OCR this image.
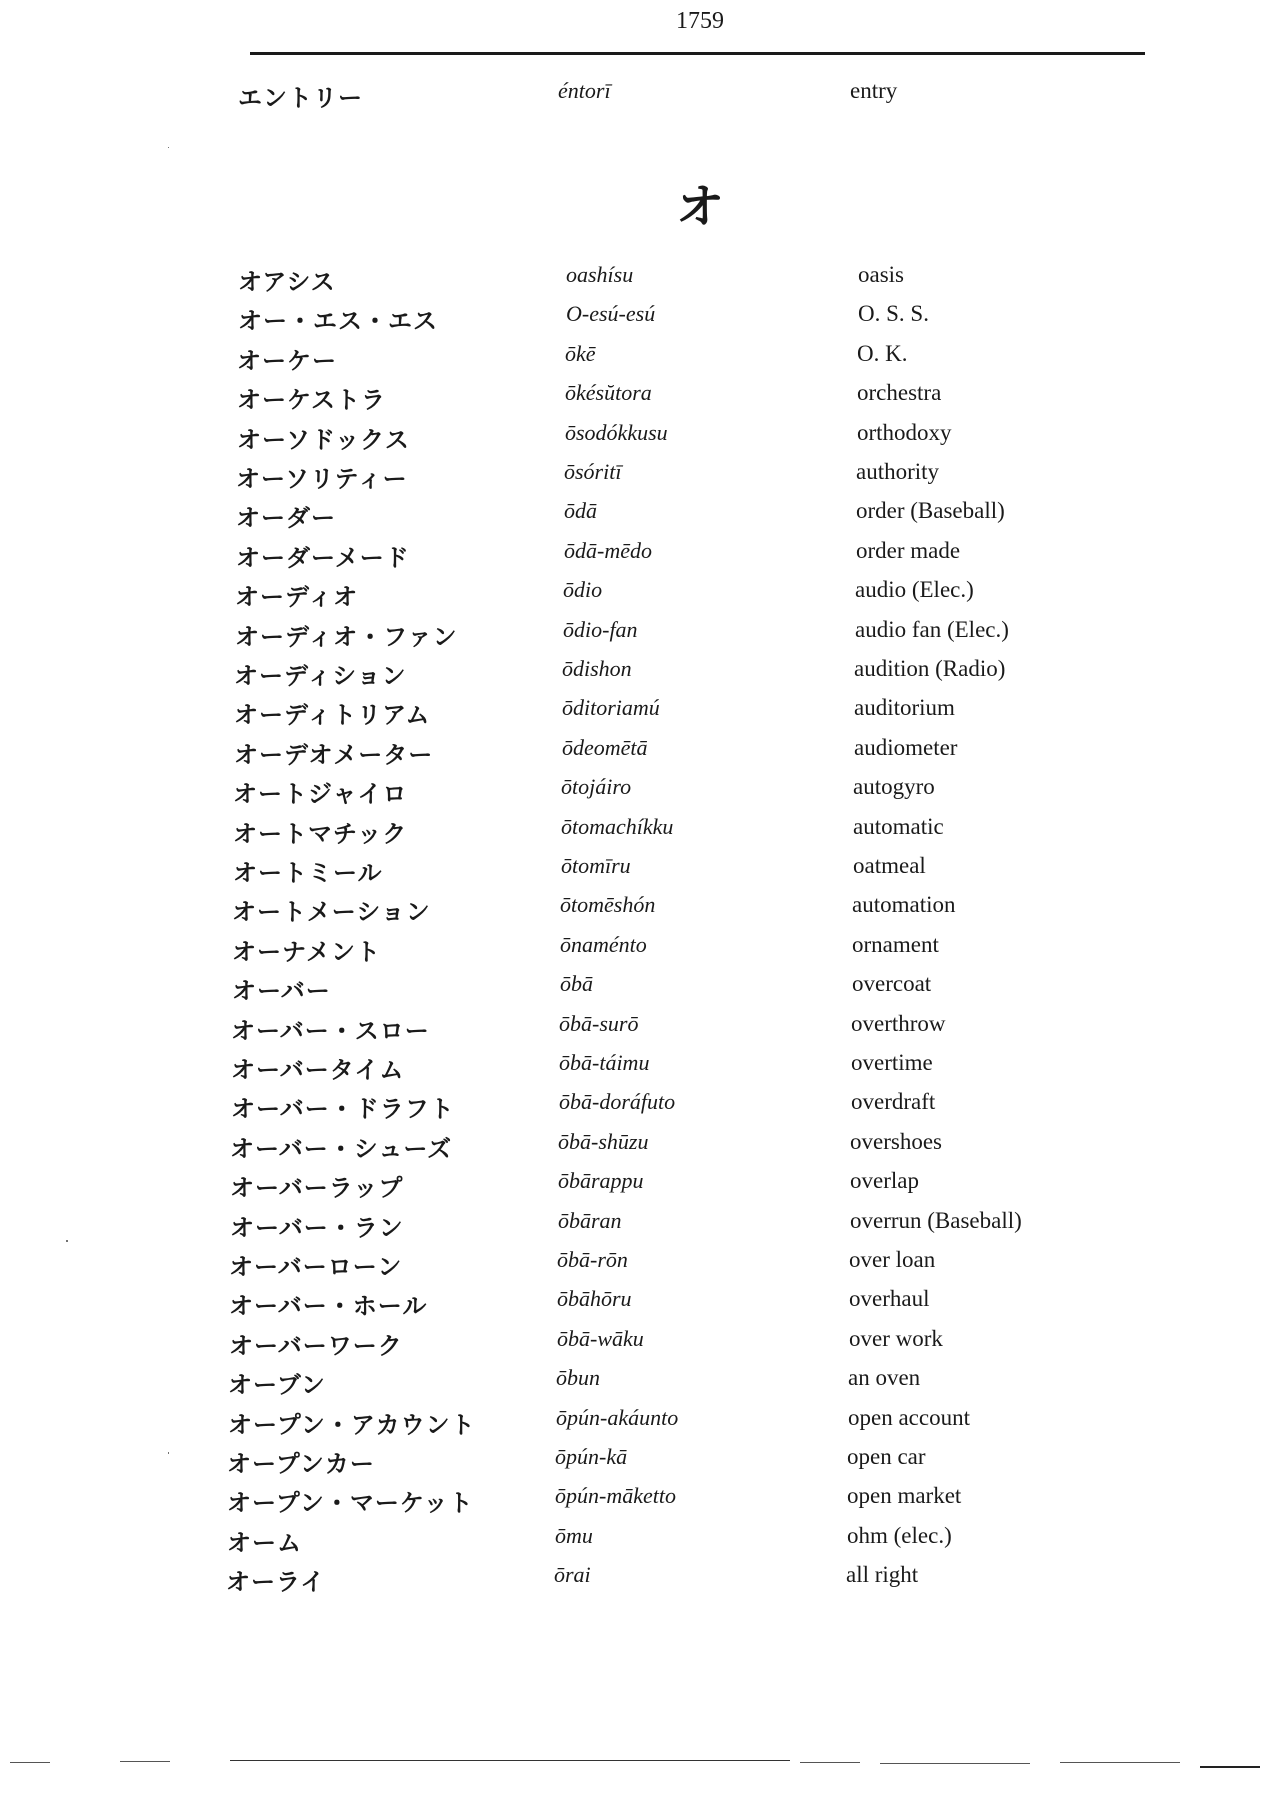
1759
エントリー	éntorī	entry
オ
オアシス	oashísu	oasis
オー・エス・エス	O-esú-esú	O. S. S.
オーケー	ōkē	O. K.
オーケストラ	ōkésŭtora	orchestra
オーソドックス	ōsodókkusu	orthodoxy
オーソリティー	ōsóritī	authority
オーダー	ōdā	order (Baseball)
オーダーメード	ōdā-mēdo	order made
オーディオ	ōdio	audio (Elec.)
オーディオ・ファン	ōdio-fan	audio fan (Elec.)
オーディション	ōdishon	audition (Radio)
オーディトリアム	ōditoriamú	auditorium
オーデオメーター	ōdeomētā	audiometer
オートジャイロ	ōtojáiro	autogyro
オートマチック	ōtomachíkku	automatic
オートミール	ōtomīru	oatmeal
オートメーション	ōtomēshón	automation
オーナメント	ōnaménto	ornament
オーバー	ōbā	overcoat
オーバー・スロー	ōbā-surō	overthrow
オーバータイム	ōbā-táimu	overtime
オーバー・ドラフト	ōbā-doráfuto	overdraft
オーバー・シューズ	ōbā-shūzu	overshoes
オーバーラップ	ōbārappu	overlap
オーバー・ラン	ōbāran	overrun (Baseball)
オーバーローン	ōbā-rōn	over loan
オーバー・ホール	ōbāhōru	overhaul
オーバーワーク	ōbā-wāku	over work
オーブン	ōbun	an oven
オープン・アカウント	ōpún-akáunto	open account
オープンカー	ōpún-kā	open car
オープン・マーケット	ōpún-māketto	open market
オーム	ōmu	ohm (elec.)
オーライ	ōrai	all right
